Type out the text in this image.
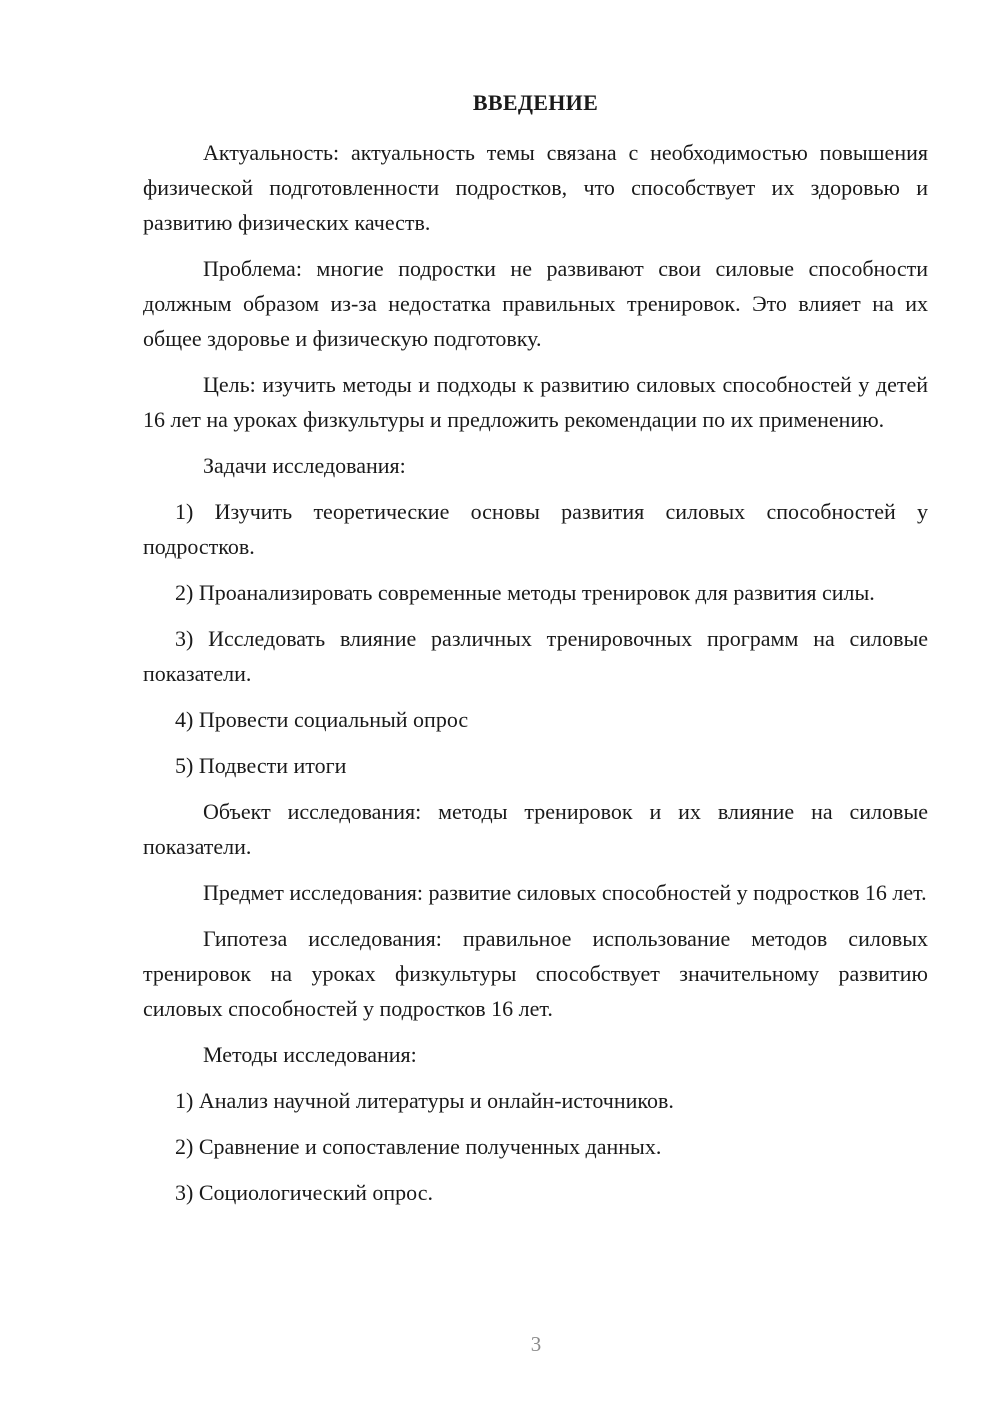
ВВЕДЕНИЕ

Актуальность: актуальность темы связана с необходимостью повышения физической подготовленности подростков, что способствует их здоровью и развитию физических качеств.

Проблема: многие подростки не развивают свои силовые способности должным образом из-за недостатка правильных тренировок. Это влияет на их общее здоровье и физическую подготовку.

Цель: изучить методы и подходы к развитию силовых способностей у детей 16 лет на уроках физкультуры и предложить рекомендации по их применению.

Задачи исследования:

1) Изучить теоретические основы развития силовых способностей у подростков.

2) Проанализировать современные методы тренировок для развития силы.

3) Исследовать влияние различных тренировочных программ на силовые показатели.

4) Провести социальный опрос

5) Подвести итоги

Объект исследования: методы тренировок и их влияние на силовые показатели.

Предмет исследования: развитие силовых способностей у подростков 16 лет.

Гипотеза исследования: правильное использование методов силовых тренировок на уроках физкультуры способствует значительному развитию силовых способностей у подростков 16 лет.

Методы исследования:

1) Анализ научной литературы и онлайн-источников.

2) Сравнение и сопоставление полученных данных.

3) Социологический опрос.

3
